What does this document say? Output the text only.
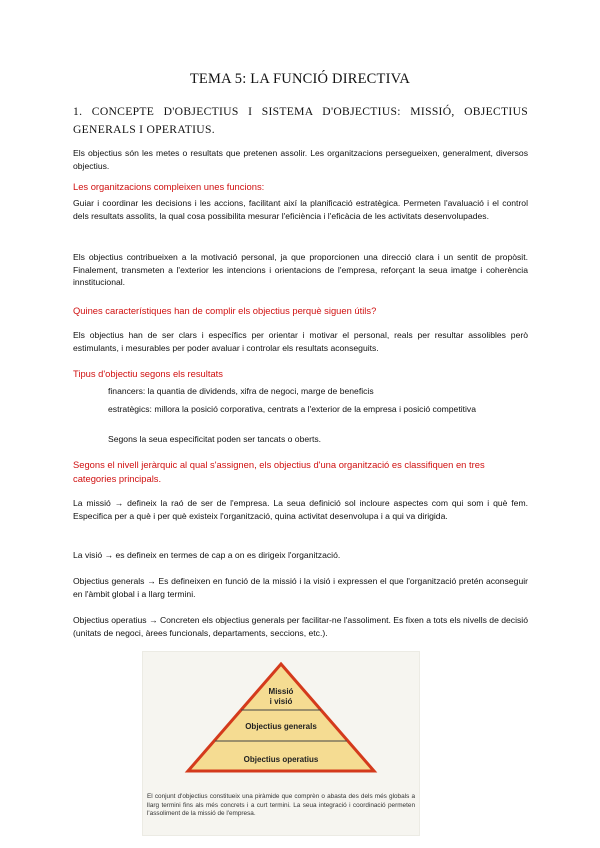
TEMA 5: LA FUNCIÓ DIRECTIVA
1. CONCEPTE D'OBJECTIUS I SISTEMA D'OBJECTIUS: MISSIÓ, OBJECTIUS GENERALS I OPERATIUS.
Els objectius són les metes o resultats que pretenen assolir. Les organitzacions persegueixen, generalment, diversos objectius.
Les organitzacions compleixen unes funcions:
Guiar i coordinar les decisions i les accions, facilitant així la planificació estratègica. Permeten l'avaluació i el control dels resultats assolits, la qual cosa possibilita mesurar l'eficiència i l'eficàcia de les activitats desenvolupades.
Els objectius contribueixen a la motivació personal, ja que proporcionen una direcció clara i un sentit de propòsit. Finalement, transmeten a l'exterior les intencions i orientacions de l'empresa, reforçant la seua imatge i coherència innstitucional.
Quines característiques han de complir els objectius perquè siguen útils?
Els objectius han de ser clars i específics per orientar i motivar el personal, reals per resultar assolibles però estimulants, i mesurables per poder avaluar i controlar els resultats aconseguits.
Tipus d'objectiu segons els resultats
financers: la quantia de dividends, xifra de negoci, marge de beneficis
estratègics: millora la posició corporativa, centrats a l'exterior de la empresa i posició competitiva
Segons la seua especificitat poden ser tancats o oberts.
Segons el nivell jeràrquic al qual s'assignen, els objectius d'una organització es classifiquen en tres categories principals.
La missió → defineix la raó de ser de l'empresa. La seua definició sol incloure aspectes com qui som i què fem. Especifica per a què i per què existeix l'organització, quina activitat desenvolupa i a qui va dirigida.
La visió → es defineix en termes de cap a on es dirigeix l'organització.
Objectius generals → Es defineixen en funció de la missió i la visió i expressen el que l'organització pretén aconseguir en l'àmbit global i a llarg termini.
Objectius operatius → Concreten els objectius generals per facilitar-ne l'assoliment. Es fixen a tots els nivells de decisió (unitats de negoci, àrees funcionals, departaments, seccions, etc.).
Missió
i visió
Objectius generals
Objectius operatius
El conjunt d'objectius constitueix una piràmide que comprèn o abasta des dels més globals a llarg termini fins als més concrets i a curt termini. La seua integració i coordinació permeten l'assoliment de la missió de l'empresa.
